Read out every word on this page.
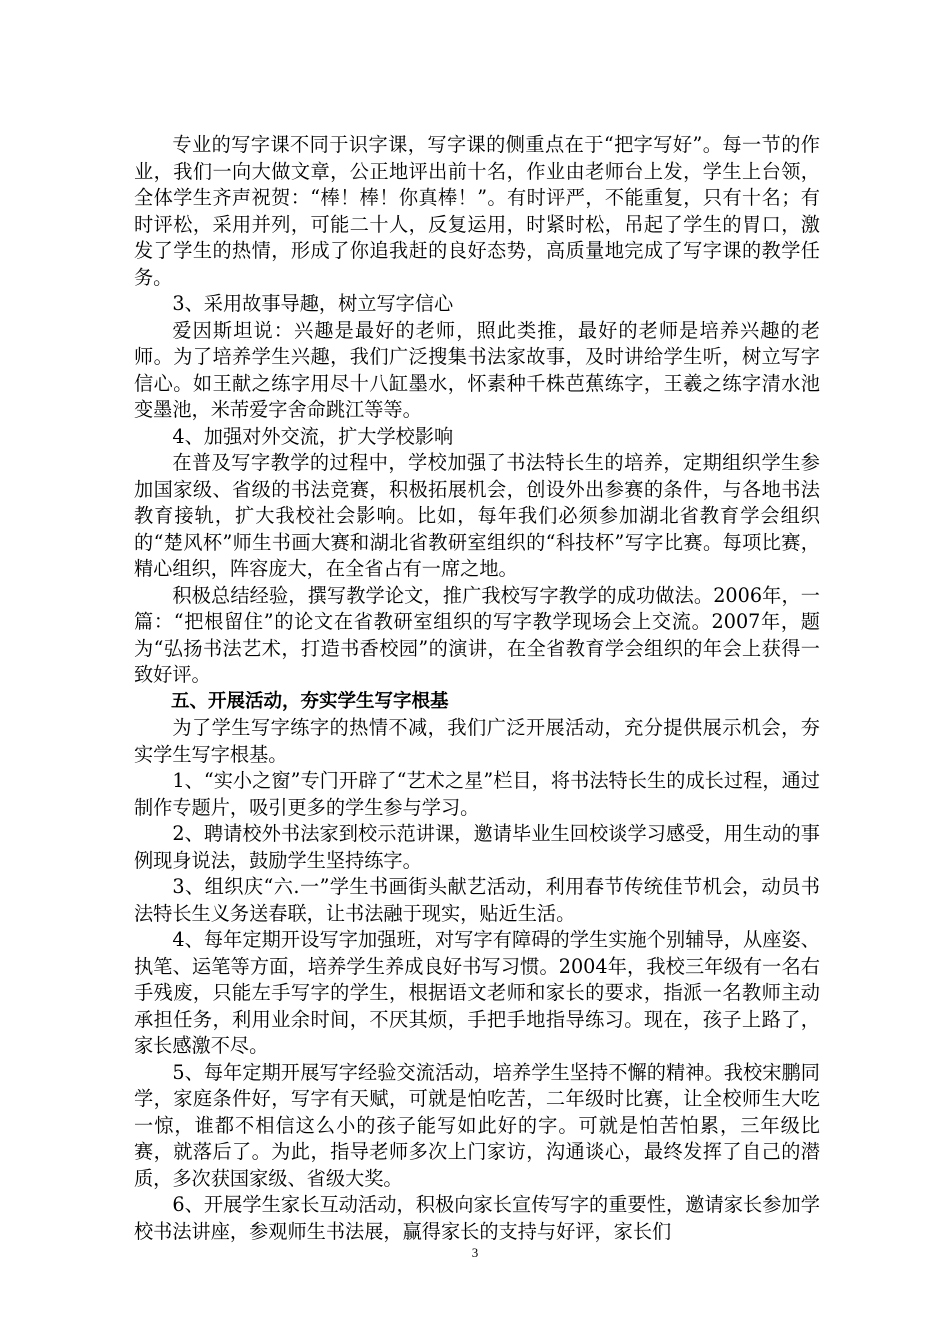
专业的写字课不同于识字课，写字课的侧重点在于“把字写好”。每一节的作业，我们一向大做文章，公正地评出前十名，作业由老师台上发，学生上台领，全体学生齐声祝贺：“棒！棒！你真棒！”。有时评严，不能重复，只有十名；有时评松，采用并列，可能二十人，反复运用，时紧时松，吊起了学生的胃口，激发了学生的热情，形成了你追我赶的良好态势，高质量地完成了写字课的教学任务。

3、采用故事导趣，树立写字信心

爱因斯坦说：兴趣是最好的老师，照此类推，最好的老师是培养兴趣的老师。为了培养学生兴趣，我们广泛搜集书法家故事，及时讲给学生听，树立写字信心。如王献之练字用尽十八缸墨水，怀素种千株芭蕉练字，王羲之练字清水池变墨池，米芾爱字舍命跳江等等。

4、加强对外交流，扩大学校影响

在普及写字教学的过程中，学校加强了书法特长生的培养，定期组织学生参加国家级、省级的书法竞赛，积极拓展机会，创设外出参赛的条件，与各地书法教育接轨，扩大我校社会影响。比如，每年我们必须参加湖北省教育学会组织的“楚风杯”师生书画大赛和湖北省教研室组织的“科技杯”写字比赛。每项比赛，精心组织，阵容庞大，在全省占有一席之地。

积极总结经验，撰写教学论文，推广我校写字教学的成功做法。2006年，一篇：“把根留住”的论文在省教研室组织的写字教学现场会上交流。2007年，题为“弘扬书法艺术，打造书香校园”的演讲，在全省教育学会组织的年会上获得一致好评。

五、开展活动，夯实学生写字根基

为了学生写字练字的热情不减，我们广泛开展活动，充分提供展示机会，夯实学生写字根基。

1、“实小之窗”专门开辟了“艺术之星”栏目，将书法特长生的成长过程，通过制作专题片，吸引更多的学生参与学习。

2、聘请校外书法家到校示范讲课，邀请毕业生回校谈学习感受，用生动的事例现身说法，鼓励学生坚持练字。

3、组织庆“六.一”学生书画街头献艺活动，利用春节传统佳节机会，动员书法特长生义务送春联，让书法融于现实，贴近生活。

4、每年定期开设写字加强班，对写字有障碍的学生实施个别辅导，从座姿、执笔、运笔等方面，培养学生养成良好书写习惯。2004年，我校三年级有一名右手残废，只能左手写字的学生，根据语文老师和家长的要求，指派一名教师主动承担任务，利用业余时间，不厌其烦，手把手地指导练习。现在，孩子上路了，家长感激不尽。

5、每年定期开展写字经验交流活动，培养学生坚持不懈的精神。我校宋鹏同学，家庭条件好，写字有天赋，可就是怕吃苦，二年级时比赛，让全校师生大吃一惊，谁都不相信这么小的孩子能写如此好的字。可就是怕苦怕累，三年级比赛，就落后了。为此，指导老师多次上门家访，沟通谈心，最终发挥了自己的潜质，多次获国家级、省级大奖。

6、开展学生家长互动活动，积极向家长宣传写字的重要性，邀请家长参加学校书法讲座，参观师生书法展，赢得家长的支持与好评，家长们

3
